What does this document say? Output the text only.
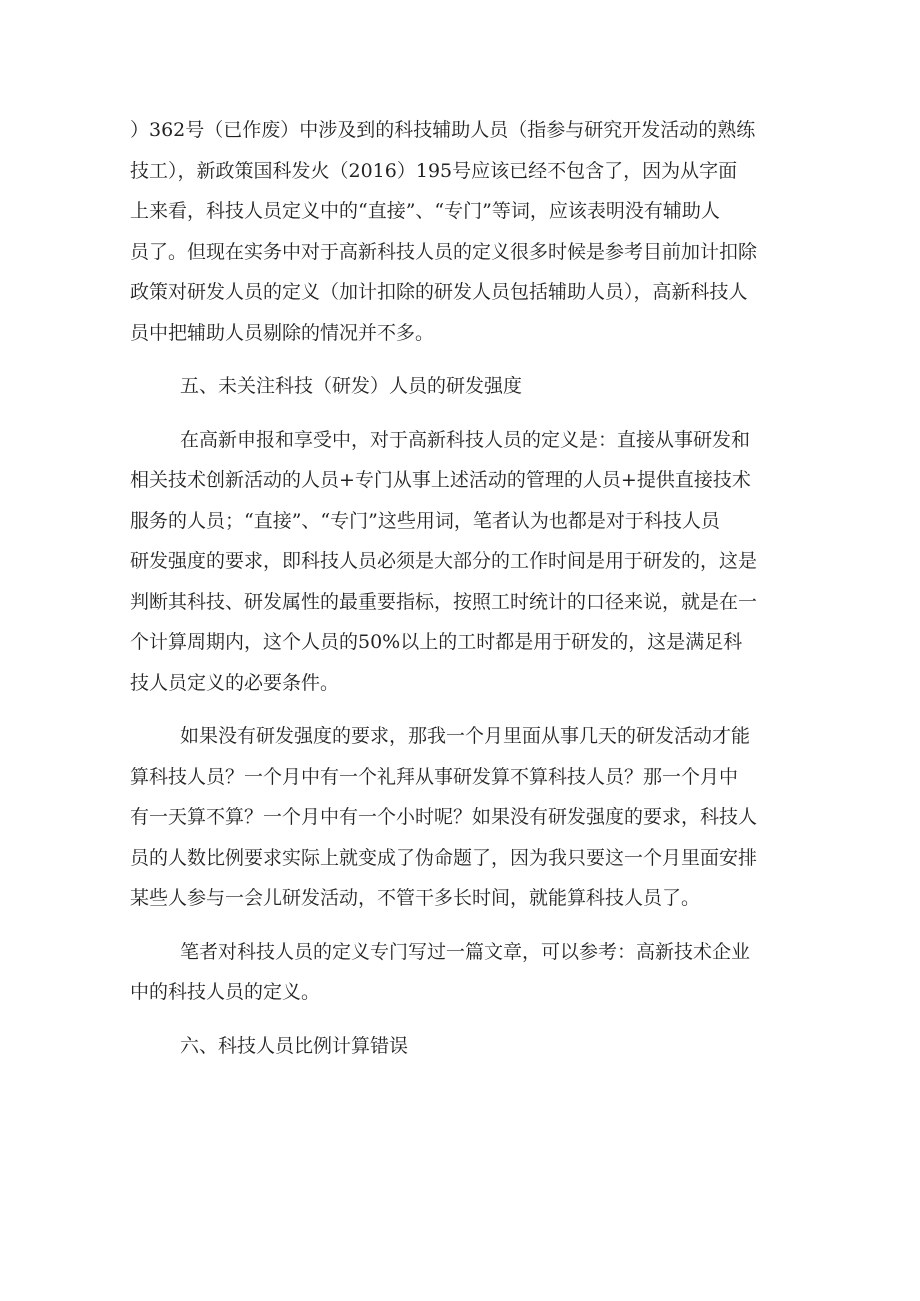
）362号（已作废）中涉及到的科技辅助人员（指参与研究开发活动的熟练
技工），新政策国科发火（2016）195号应该已经不包含了，因为从字面
上来看，科技人员定义中的“直接”、“专门”等词，应该表明没有辅助人
员了。但现在实务中对于高新科技人员的定义很多时候是参考目前加计扣除
政策对研发人员的定义（加计扣除的研发人员包括辅助人员），高新科技人
员中把辅助人员剔除的情况并不多。
五、未关注科技（研发）人员的研发强度
在高新申报和享受中，对于高新科技人员的定义是：直接从事研发和
相关技术创新活动的人员+专门从事上述活动的管理的人员+提供直接技术
服务的人员；“直接”、“专门”这些用词，笔者认为也都是对于科技人员
研发强度的要求，即科技人员必须是大部分的工作时间是用于研发的，这是
判断其科技、研发属性的最重要指标，按照工时统计的口径来说，就是在一
个计算周期内，这个人员的50%以上的工时都是用于研发的，这是满足科
技人员定义的必要条件。
如果没有研发强度的要求，那我一个月里面从事几天的研发活动才能
算科技人员？一个月中有一个礼拜从事研发算不算科技人员？那一个月中
有一天算不算？一个月中有一个小时呢？如果没有研发强度的要求，科技人
员的人数比例要求实际上就变成了伪命题了，因为我只要这一个月里面安排
某些人参与一会儿研发活动，不管干多长时间，就能算科技人员了。
笔者对科技人员的定义专门写过一篇文章，可以参考：高新技术企业
中的科技人员的定义。
六、科技人员比例计算错误
